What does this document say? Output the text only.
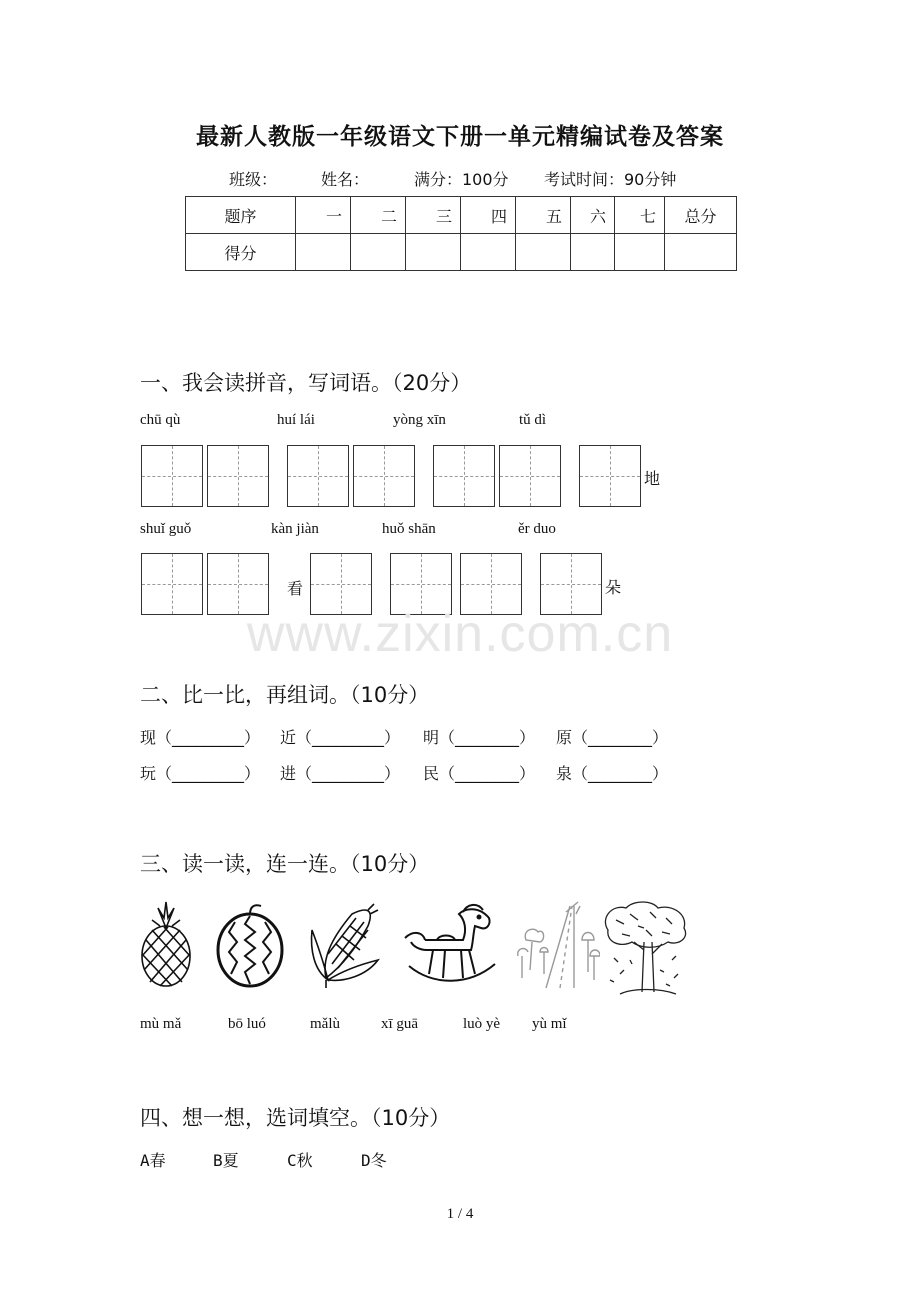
最新人教版一年级语文下册一单元精编试卷及答案
班级：	姓名：	满分：100分 考试时间：90分钟
题序	一	二	三	四	五	六	七	总分
得分								
一、我会读拼音，写词语。（20分）
chū qù	huí lái	yòng xīn	tǔ dì
地
shuǐ guǒ	kàn jiàn	huǒ shān	ěr duo
看	朵
www.zixin.com.cn
二、比一比，再组词。（10分）
现（_________） 近（_________） 明（________） 原（________）
玩（_________） 进（_________） 民（________） 泉（________）
三、读一读，连一连。（10分）
mù mǎ	bō luó	mǎlù	xī guā	luò yè yù mǐ
四、想一想，选词填空。（10分）
A春	B夏	C秋	D冬
1 / 4
